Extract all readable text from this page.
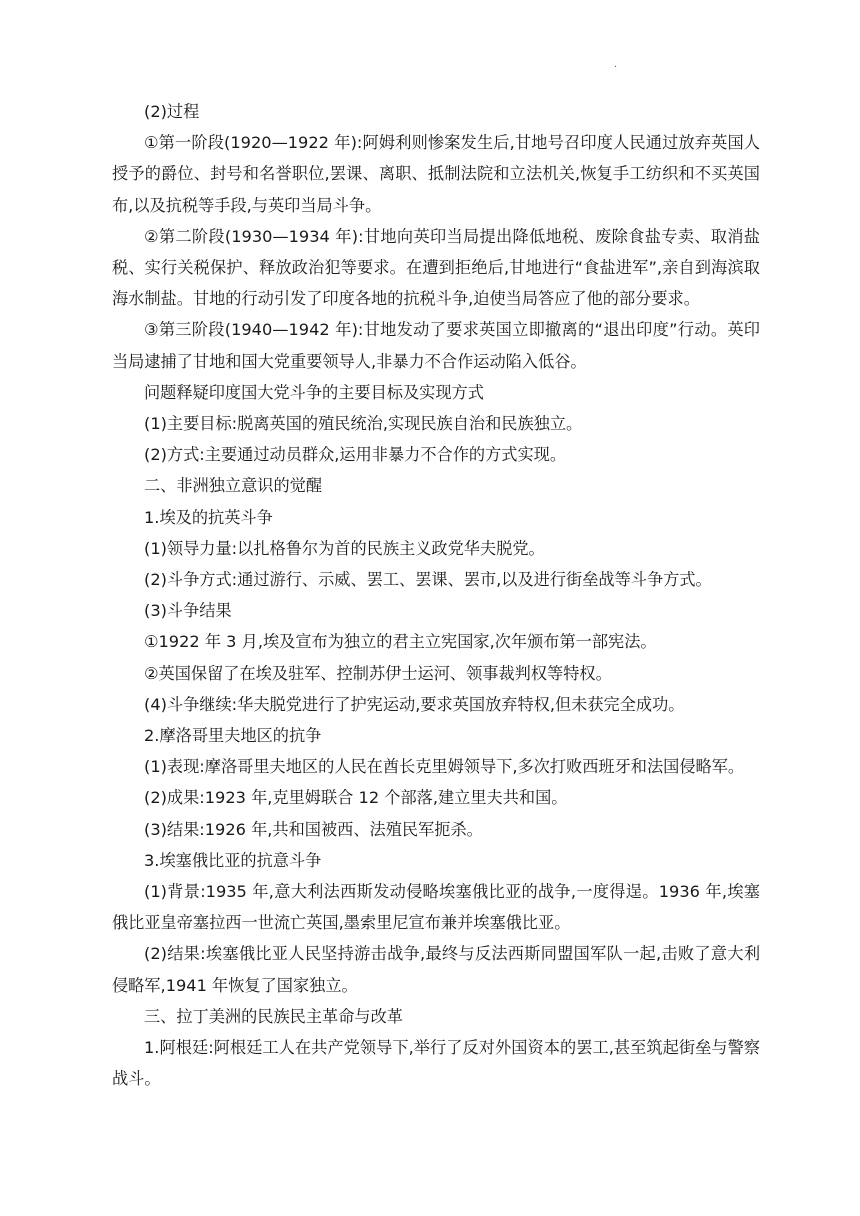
.

(2)过程

①第一阶段(1920—1922 年):阿姆利则惨案发生后,甘地号召印度人民通过放弃英国人授予的爵位、封号和名誉职位,罢课、离职、抵制法院和立法机关,恢复手工纺织和不买英国布,以及抗税等手段,与英印当局斗争。

②第二阶段(1930—1934 年):甘地向英印当局提出降低地税、废除食盐专卖、取消盐税、实行关税保护、释放政治犯等要求。在遭到拒绝后,甘地进行“食盐进军”,亲自到海滨取海水制盐。甘地的行动引发了印度各地的抗税斗争,迫使当局答应了他的部分要求。

③第三阶段(1940—1942 年):甘地发动了要求英国立即撤离的“退出印度”行动。英印当局逮捕了甘地和国大党重要领导人,非暴力不合作运动陷入低谷。

问题释疑印度国大党斗争的主要目标及实现方式

(1)主要目标:脱离英国的殖民统治,实现民族自治和民族独立。

(2)方式:主要通过动员群众,运用非暴力不合作的方式实现。

二、非洲独立意识的觉醒

1.埃及的抗英斗争

(1)领导力量:以扎格鲁尔为首的民族主义政党华夫脱党。

(2)斗争方式:通过游行、示威、罢工、罢课、罢市,以及进行街垒战等斗争方式。

(3)斗争结果

①1922 年 3 月,埃及宣布为独立的君主立宪国家,次年颁布第一部宪法。

②英国保留了在埃及驻军、控制苏伊士运河、领事裁判权等特权。

(4)斗争继续:华夫脱党进行了护宪运动,要求英国放弃特权,但未获完全成功。

2.摩洛哥里夫地区的抗争

(1)表现:摩洛哥里夫地区的人民在酋长克里姆领导下,多次打败西班牙和法国侵略军。

(2)成果:1923 年,克里姆联合 12 个部落,建立里夫共和国。

(3)结果:1926 年,共和国被西、法殖民军扼杀。

3.埃塞俄比亚的抗意斗争

(1)背景:1935 年,意大利法西斯发动侵略埃塞俄比亚的战争,一度得逞。1936 年,埃塞俄比亚皇帝塞拉西一世流亡英国,墨索里尼宣布兼并埃塞俄比亚。

(2)结果:埃塞俄比亚人民坚持游击战争,最终与反法西斯同盟国军队一起,击败了意大利侵略军,1941 年恢复了国家独立。

三、拉丁美洲的民族民主革命与改革

1.阿根廷:阿根廷工人在共产党领导下,举行了反对外国资本的罢工,甚至筑起街垒与警察战斗。
